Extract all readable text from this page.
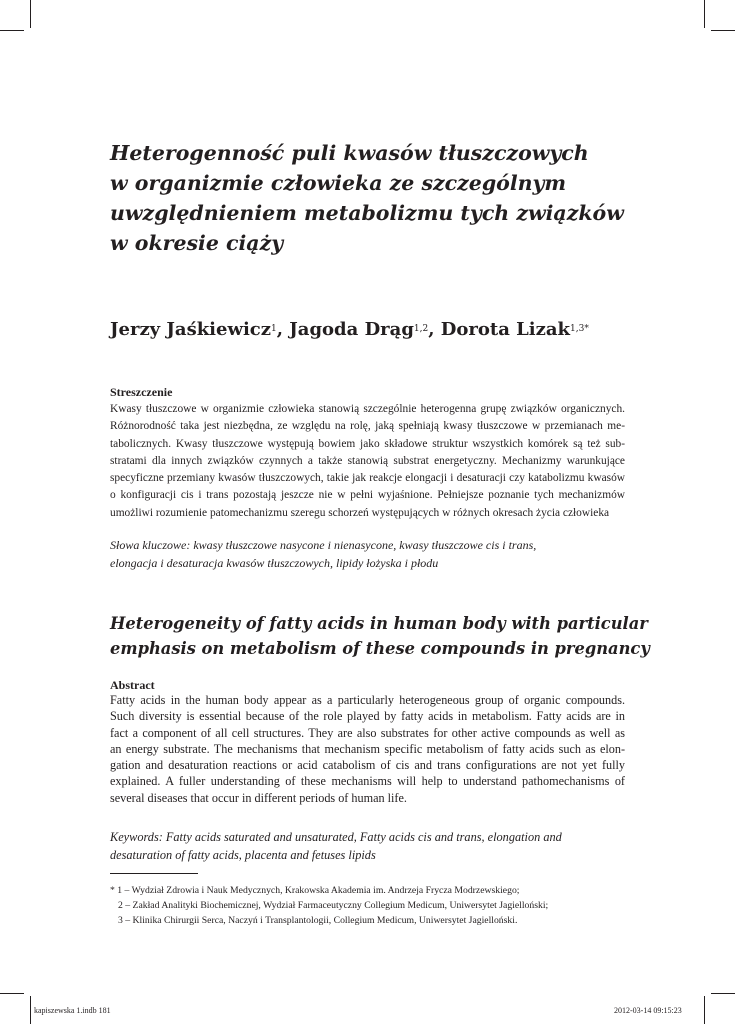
Heterogenność puli kwasów tłuszczowych
w organizmie człowieka ze szczególnym
uwzględnieniem metabolizmu tych związków
w okresie ciąży

Jerzy Jaśkiewicz$^1$, Jagoda Drąg$^{1,2}$, Dorota Lizak$^{1,3*}$

Streszczenie
Kwasy tłuszczowe w organizmie człowieka stanowią szczególnie heterogenna grupę związków organicznych.
Różnorodność taka jest niezbędna, ze względu na rolę, jaką spełniają kwasy tłuszczowe w przemianach me-
tabolicznych. Kwasy tłuszczowe występują bowiem jako składowe struktur wszystkich komórek są też sub-
stratami dla innych związków czynnych a także stanowią substrat energetyczny. Mechanizmy warunkujące
specyficzne przemiany kwasów tłuszczowych, takie jak reakcje elongacji i desaturacji czy katabolizmu kwasów
o konfiguracji cis i trans pozostają jeszcze nie w pełni wyjaśnione. Pełniejsze poznanie tych mechanizmów
umożliwi rozumienie patomechanizmu szeregu schorzeń występujących w różnych okresach życia człowieka
Słowa kluczowe: kwasy tłuszczowe nasycone i nienasycone, kwasy tłuszczowe cis i trans,
elongacja i desaturacja kwasów tłuszczowych, lipidy łożyska i płodu
Heterogeneity of fatty acids in human body with particular
emphasis on metabolism of these compounds in pregnancy
Abstract
Fatty acids in the human body appear as a particularly heterogeneous group of organic compounds.
Such diversity is essential because of the role played by fatty acids in metabolism. Fatty acids are in
fact a component of all cell structures. They are also substrates for other active compounds as well as
an energy substrate. The mechanisms that mechanism specific metabolism of fatty acids such as elon-
gation and desaturation reactions or acid catabolism of cis and trans configurations are not yet fully
explained. A fuller understanding of these mechanisms will help to understand pathomechanisms of
several diseases that occur in different periods of human life.
Keywords: Fatty acids saturated and unsaturated, Fatty acids cis and trans, elongation and
desaturation of fatty acids, placenta and fetuses lipids
* 1 – Wydział Zdrowia i Nauk Medycznych, Krakowska Akademia im. Andrzeja Frycza Modrzewskiego;
2 – Zakład Analityki Biochemicznej, Wydział Farmaceutyczny Collegium Medicum, Uniwersytet Jagielloński;
3 – Klinika Chirurgii Serca, Naczyń i Transplantologii, Collegium Medicum, Uniwersytet Jagielloński.
kapiszewska 1.indb 181	2012-03-14 09:15:23
